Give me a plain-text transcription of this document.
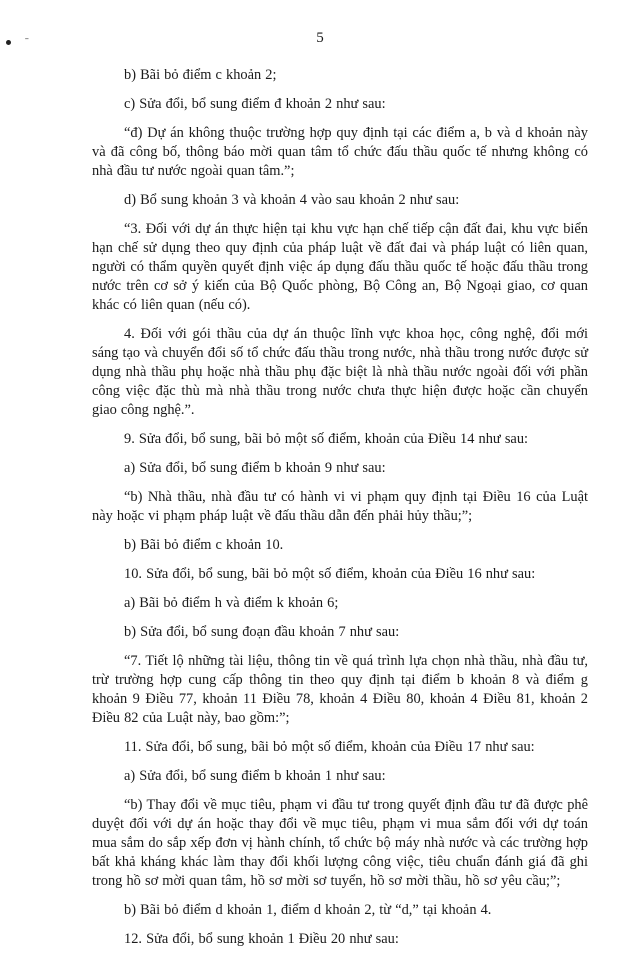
ˉ	5

b) Bãi bỏ điểm c khoản 2;

c) Sửa đổi, bổ sung điểm đ khoản 2 như sau:

“đ) Dự án không thuộc trường hợp quy định tại các điểm a, b và d khoản này và đã công bố, thông báo mời quan tâm tổ chức đấu thầu quốc tế nhưng không có nhà đầu tư nước ngoài quan tâm.”;

d) Bổ sung khoản 3 và khoản 4 vào sau khoản 2 như sau:

“3. Đối với dự án thực hiện tại khu vực hạn chế tiếp cận đất đai, khu vực biển hạn chế sử dụng theo quy định của pháp luật về đất đai và pháp luật có liên quan, người có thẩm quyền quyết định việc áp dụng đấu thầu quốc tế hoặc đấu thầu trong nước trên cơ sở ý kiến của Bộ Quốc phòng, Bộ Công an, Bộ Ngoại giao, cơ quan khác có liên quan (nếu có).

4. Đối với gói thầu của dự án thuộc lĩnh vực khoa học, công nghệ, đổi mới sáng tạo và chuyển đổi số tổ chức đấu thầu trong nước, nhà thầu trong nước được sử dụng nhà thầu phụ hoặc nhà thầu phụ đặc biệt là nhà thầu nước ngoài đối với phần công việc đặc thù mà nhà thầu trong nước chưa thực hiện được hoặc cần chuyển giao công nghệ.”.

9. Sửa đổi, bổ sung, bãi bỏ một số điểm, khoản của Điều 14 như sau:

a) Sửa đổi, bổ sung điểm b khoản 9 như sau:

“b) Nhà thầu, nhà đầu tư có hành vi vi phạm quy định tại Điều 16 của Luật này hoặc vi phạm pháp luật về đấu thầu dẫn đến phải hủy thầu;”;

b) Bãi bỏ điểm c khoản 10.

10. Sửa đổi, bổ sung, bãi bỏ một số điểm, khoản của Điều 16 như sau:

a) Bãi bỏ điểm h và điểm k khoản 6;

b) Sửa đổi, bổ sung đoạn đầu khoản 7 như sau:

“7. Tiết lộ những tài liệu, thông tin về quá trình lựa chọn nhà thầu, nhà đầu tư, trừ trường hợp cung cấp thông tin theo quy định tại điểm b khoản 8 và điểm g khoản 9 Điều 77, khoản 11 Điều 78, khoản 4 Điều 80, khoản 4 Điều 81, khoản 2 Điều 82 của Luật này, bao gồm:”;

11. Sửa đổi, bổ sung, bãi bỏ một số điểm, khoản của Điều 17 như sau:

a) Sửa đổi, bổ sung điểm b khoản 1 như sau:

“b) Thay đổi về mục tiêu, phạm vi đầu tư trong quyết định đầu tư đã được phê duyệt đối với dự án hoặc thay đổi về mục tiêu, phạm vi mua sắm đối với dự toán mua sắm do sắp xếp đơn vị hành chính, tổ chức bộ máy nhà nước và các trường hợp bất khả kháng khác làm thay đổi khối lượng công việc, tiêu chuẩn đánh giá đã ghi trong hồ sơ mời quan tâm, hồ sơ mời sơ tuyển, hồ sơ mời thầu, hồ sơ yêu cầu;”;

b) Bãi bỏ điểm d khoản 1, điểm d khoản 2, từ “d,” tại khoản 4.

12. Sửa đổi, bổ sung khoản 1 Điều 20 như sau:
